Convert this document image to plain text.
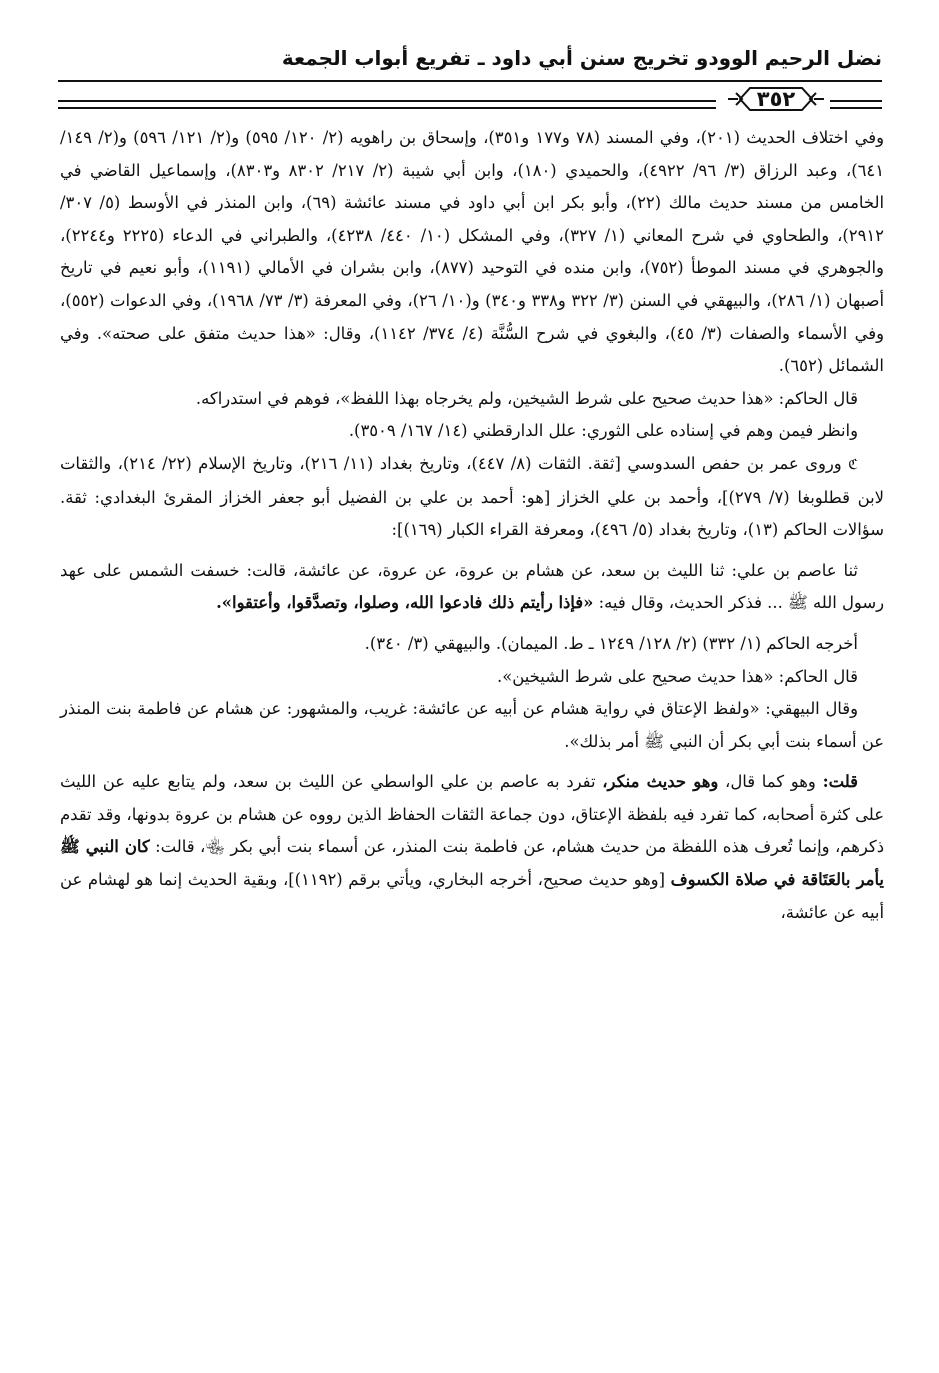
نضل الرحيم الوودو تخريج سنن أبي داود ـ تفريع أبواب الجمعة
٣٥٢

وفي اختلاف الحديث (٢٠١)، وفي المسند (٧٨ و١٧٧ و٣٥١)، وإسحاق بن راهويه (٢/ ١٢٠/ ٥٩٥) و(٢/ ١٢١/ ٥٩٦) و(٢/ ١٤٩/ ٦٤١)، وعبد الرزاق (٣/ ٩٦/ ٤٩٢٢)، والحميدي (١٨٠)، وابن أبي شيبة (٢/ ٢١٧/ ٨٣٠٢ و٨٣٠٣)، وإسماعيل القاضي في الخامس من مسند حديث مالك (٢٢)، وأبو بكر ابن أبي داود في مسند عائشة (٦٩)، وابن المنذر في الأوسط (٥/ ٣٠٧/ ٢٩١٢)، والطحاوي في شرح المعاني (١/ ٣٢٧)، وفي المشكل (١٠/ ٤٤٠/ ٤٢٣٨)، والطبراني في الدعاء (٢٢٢٥ و٢٢٤٤)، والجوهري في مسند الموطأ (٧٥٢)، وابن منده في التوحيد (٨٧٧)، وابن بشران في الأمالي (١١٩١)، وأبو نعيم في تاريخ أصبهان (١/ ٢٨٦)، والبيهقي في السنن (٣/ ٣٢٢ و٣٣٨ و٣٤٠) و(١٠/ ٢٦)، وفي المعرفة (٣/ ٧٣/ ١٩٦٨)، وفي الدعوات (٥٥٢)، وفي الأسماء والصفات (٣/ ٤٥)، والبغوي في شرح السُّنَّة (٤/ ٣٧٤/ ١١٤٢)، وقال: «هذا حديث متفق على صحته». وفي الشمائل (٦٥٢).

قال الحاكم: «هذا حديث صحيح على شرط الشيخين، ولم يخرجاه بهذا اللفظ»، فوهم في استدراكه.

وانظر فيمن وهم في إسناده على الثوري: علل الدارقطني (١٤/ ١٦٧/ ٣٥٠٩).

ℭ وروى عمر بن حفص السدوسي [ثقة. الثقات (٨/ ٤٤٧)، وتاريخ بغداد (١١/ ٢١٦)، وتاريخ الإسلام (٢٢/ ٢١٤)، والثقات لابن قطلوبغا (٧/ ٢٧٩)]، وأحمد بن علي الخزاز [هو: أحمد بن علي بن الفضيل أبو جعفر الخزاز المقرئ البغدادي: ثقة. سؤالات الحاكم (١٣)، وتاريخ بغداد (٥/ ٤٩٦)، ومعرفة القراء الكبار (١٦٩)]:

ثنا عاصم بن علي: ثنا الليث بن سعد، عن هشام بن عروة، عن عروة، عن عائشة، قالت: خسفت الشمس على عهد رسول الله ﷺ ... فذكر الحديث، وقال فيه: «فإذا رأيتم ذلك فادعوا الله، وصلوا، وتصدَّقوا، وأعتقوا».

أخرجه الحاكم (١/ ٣٣٢) (٢/ ١٢٨/ ١٢٤٩ ـ ط. الميمان). والبيهقي (٣/ ٣٤٠).

قال الحاكم: «هذا حديث صحيح على شرط الشيخين».

وقال البيهقي: «ولفظ الإعتاق في رواية هشام عن أبيه عن عائشة: غريب، والمشهور: عن هشام عن فاطمة بنت المنذر عن أسماء بنت أبي بكر أن النبي ﷺ أمر بذلك».

قلت: وهو كما قال، وهو حديث منكر، تفرد به عاصم بن علي الواسطي عن الليث بن سعد، ولم يتابع عليه عن الليث على كثرة أصحابه، كما تفرد فيه بلفظة الإعتاق، دون جماعة الثقات الحفاظ الذين رووه عن هشام بن عروة بدونها، وقد تقدم ذكرهم، وإنما تُعرف هذه اللفظة من حديث هشام، عن فاطمة بنت المنذر، عن أسماء بنت أبي بكر ﵄، قالت: كان النبي ﷺ يأمر بالعَتَاقة في صلاة الكسوف [وهو حديث صحيح، أخرجه البخاري، ويأتي برقم (١١٩٢)]، وبقية الحديث إنما هو لهشام عن أبيه عن عائشة،
